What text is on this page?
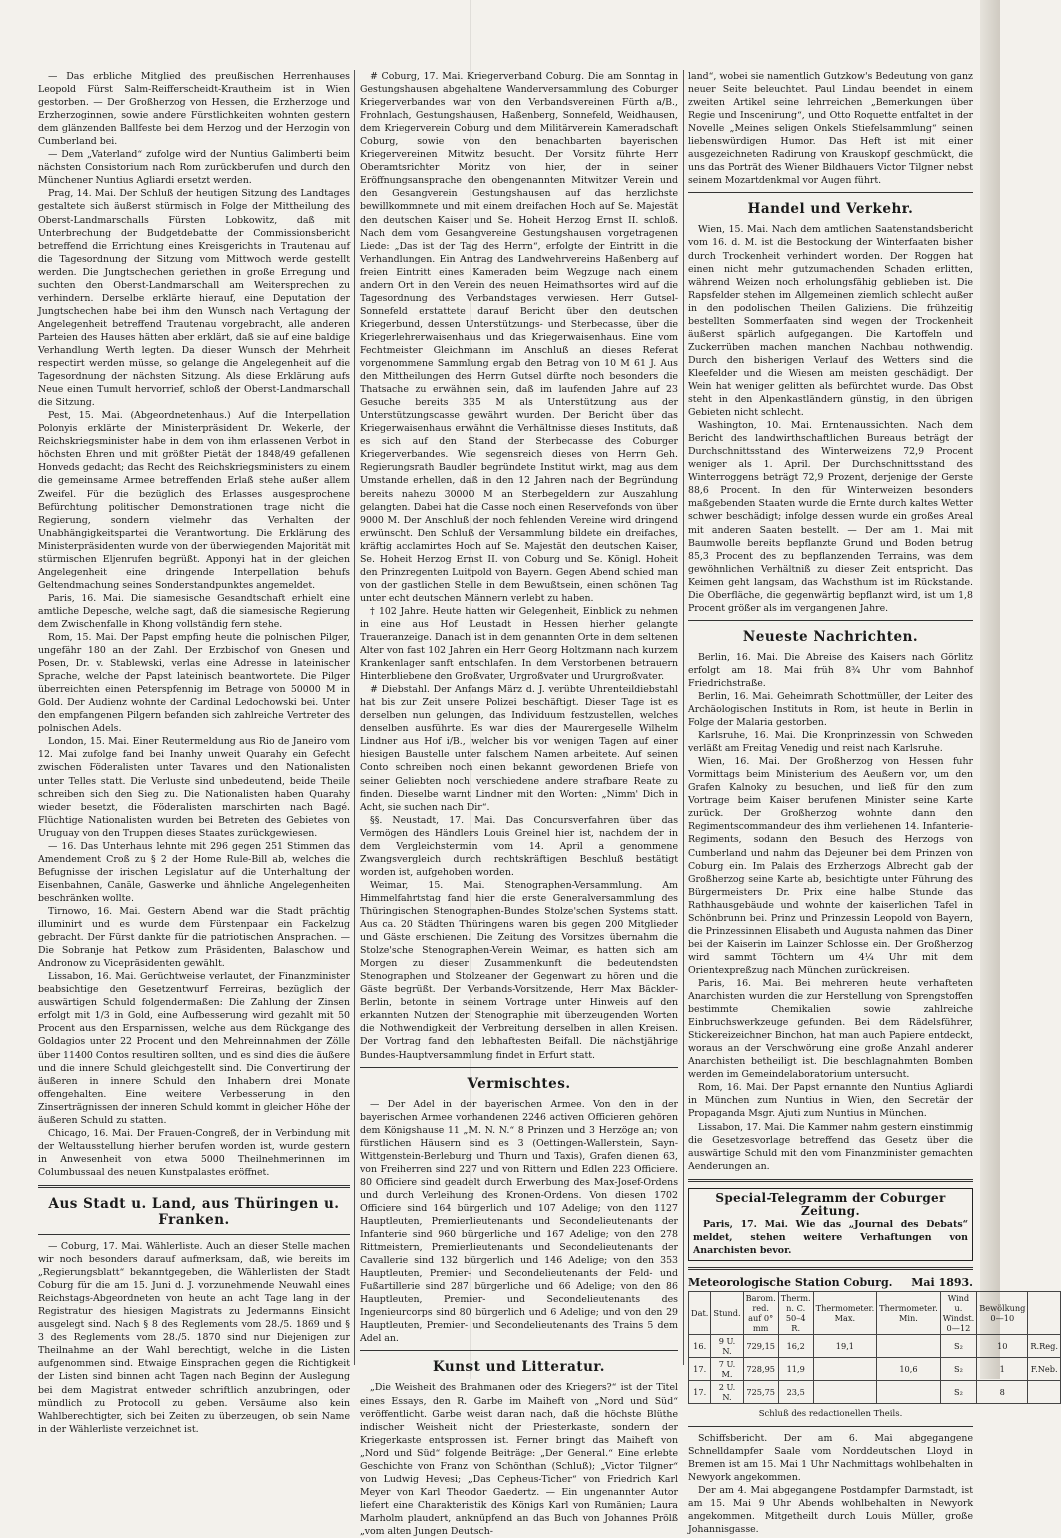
— Das erbliche Mitglied des preußischen Herrenhauses Leopold Fürst Salm-Reifferscheidt-Krautheim ist in Wien gestorben. — Der Großherzog von Hessen, die Erzherzoge und Erzherzoginnen, sowie andere Fürstlichkeiten wohnten gestern dem glänzenden Ballfeste bei dem Herzog und der Herzogin von Cumberland bei.

— Dem „Vaterland“ zufolge wird der Nuntius Galimberti beim nächsten Consistorium nach Rom zurückberufen und durch den Münchener Nuntius Agliardi ersetzt werden.

Prag, 14. Mai. Der Schluß der heutigen Sitzung des Landtages gestaltete sich äußerst stürmisch in Folge der Mittheilung des Oberst-Landmarschalls Fürsten Lobkowitz, daß mit Unterbrechung der Budgetdebatte der Commissionsbericht betreffend die Errichtung eines Kreisgerichts in Trautenau auf die Tagesordnung der Sitzung vom Mittwoch werde gestellt werden. Die Jungtschechen geriethen in große Erregung und suchten den Oberst-Landmarschall am Weitersprechen zu verhindern. Derselbe erklärte hierauf, eine Deputation der Jungtschechen habe bei ihm den Wunsch nach Vertagung der Angelegenheit betreffend Trautenau vorgebracht, alle anderen Parteien des Hauses hätten aber erklärt, daß sie auf eine baldige Verhandlung Werth legten. Da dieser Wunsch der Mehrheit respectirt werden müsse, so gelange die Angelegenheit auf die Tagesordnung der nächsten Sitzung. Als diese Erklärung aufs Neue einen Tumult hervorrief, schloß der Oberst-Landmarschall die Sitzung.

Pest, 15. Mai. (Abgeordnetenhaus.) Auf die Interpellation Polonyis erklärte der Ministerpräsident Dr. Wekerle, der Reichskriegsminister habe in dem von ihm erlassenen Verbot in höchsten Ehren und mit größter Pietät der 1848/49 gefallenen Honveds gedacht; das Recht des Reichskriegsministers zu einem die gemeinsame Armee betreffenden Erlaß stehe außer allem Zweifel. Für die bezüglich des Erlasses ausgesprochene Befürchtung politischer Demonstrationen trage nicht die Regierung, sondern vielmehr das Verhalten der Unabhängigkeitspartei die Verantwortung. Die Erklärung des Ministerpräsidenten wurde von der überwiegenden Majorität mit stürmischen Eljenrufen begrüßt. Apponyi hat in der gleichen Angelegenheit eine dringende Interpellation behufs Geltendmachung seines Sonderstandpunktes angemeldet.

Paris, 16. Mai. Die siamesische Gesandtschaft erhielt eine amtliche Depesche, welche sagt, daß die siamesische Regierung dem Zwischenfalle in Khong vollständig fern stehe.

Rom, 15. Mai. Der Papst empfing heute die polnischen Pilger, ungefähr 180 an der Zahl. Der Erzbischof von Gnesen und Posen, Dr. v. Stablewski, verlas eine Adresse in lateinischer Sprache, welche der Papst lateinisch beantwortete. Die Pilger überreichten einen Peterspfennig im Betrage von 50000 M in Gold. Der Audienz wohnte der Cardinal Ledochowski bei. Unter den empfangenen Pilgern befanden sich zahlreiche Vertreter des polnischen Adels.

London, 15. Mai. Einer Reutermeldung aus Rio de Janeiro vom 12. Mai zufolge fand bei Inanhy unweit Quarahy ein Gefecht zwischen Föderalisten unter Tavares und den Nationalisten unter Telles statt. Die Verluste sind unbedeutend, beide Theile schreiben sich den Sieg zu. Die Nationalisten haben Quarahy wieder besetzt, die Föderalisten marschirten nach Bagé. Flüchtige Nationalisten wurden bei Betreten des Gebietes von Uruguay von den Truppen dieses Staates zurückgewiesen.

— 16. Das Unterhaus lehnte mit 296 gegen 251 Stimmen das Amendement Croß zu § 2 der Home Rule-Bill ab, welches die Befugnisse der irischen Legislatur auf die Unterhaltung der Eisenbahnen, Canäle, Gaswerke und ähnliche Angelegenheiten beschränken wollte.

Tirnowo, 16. Mai. Gestern Abend war die Stadt prächtig illuminirt und es wurde dem Fürstenpaar ein Fackelzug gebracht. Der Fürst dankte für die patriotischen Ansprachen. — Die Sobranje hat Petkow zum Präsidenten, Balaschow und Andronow zu Vicepräsidenten gewählt.

Lissabon, 16. Mai. Gerüchtweise verlautet, der Finanzminister beabsichtige den Gesetzentwurf Ferreiras, bezüglich der auswärtigen Schuld folgendermaßen: Die Zahlung der Zinsen erfolgt mit 1/3 in Gold, eine Aufbesserung wird gezahlt mit 50 Procent aus den Ersparnissen, welche aus dem Rückgange des Goldagios unter 22 Procent und den Mehreinnahmen der Zölle über 11400 Contos resultiren sollten, und es sind dies die äußere und die innere Schuld gleichgestellt sind. Die Convertirung der äußeren in innere Schuld den Inhabern drei Monate offengehalten. Eine weitere Verbesserung in den Zinserträgnissen der inneren Schuld kommt in gleicher Höhe der äußeren Schuld zu statten.

Chicago, 16. Mai. Der Frauen-Congreß, der in Verbindung mit der Weltausstellung hierher berufen worden ist, wurde gestern in Anwesenheit von etwa 5000 Theilnehmerinnen im Columbussaal des neuen Kunstpalastes eröffnet.

Aus Stadt u. Land, aus Thüringen u. Franken.

— Coburg, 17. Mai. Wählerliste. Auch an dieser Stelle machen wir noch besonders darauf aufmerksam, daß, wie bereits im „Regierungsblatt“ bekanntgegeben, die Wählerlisten der Stadt Coburg für die am 15. Juni d. J. vorzunehmende Neuwahl eines Reichstags-Abgeordneten von heute an acht Tage lang in der Registratur des hiesigen Magistrats zu Jedermanns Einsicht ausgelegt sind. Nach § 8 des Reglements vom 28./5. 1869 und § 3 des Reglements vom 28./5. 1870 sind nur Diejenigen zur Theilnahme an der Wahl berechtigt, welche in die Listen aufgenommen sind. Etwaige Einsprachen gegen die Richtigkeit der Listen sind binnen acht Tagen nach Beginn der Auslegung bei dem Magistrat entweder schriftlich anzubringen, oder mündlich zu Protocoll zu geben. Versäume also kein Wahlberechtigter, sich bei Zeiten zu überzeugen, ob sein Name in der Wählerliste verzeichnet ist.

# Coburg, 17. Mai. Kriegerverband Coburg. Die am Sonntag in Gestungshausen abgehaltene Wanderversammlung des Coburger Kriegerverbandes war von den Verbandsvereinen Fürth a/B., Frohnlach, Gestungshausen, Haßenberg, Sonnefeld, Weidhausen, dem Kriegerverein Coburg und dem Militärverein Kameradschaft Coburg, sowie von den benachbarten bayerischen Kriegervereinen Mitwitz besucht. Der Vorsitz führte Herr Oberamtsrichter Moritz von hier, der in seiner Eröffnungsansprache den obengenannten Mitwitzer Verein und den Gesangverein Gestungshausen auf das herzlichste bewillkommnete und mit einem dreifachen Hoch auf Se. Majestät den deutschen Kaiser und Se. Hoheit Herzog Ernst II. schloß. Nach dem vom Gesangvereine Gestungshausen vorgetragenen Liede: „Das ist der Tag des Herrn“, erfolgte der Eintritt in die Verhandlungen. Ein Antrag des Landwehrvereins Haßenberg auf freien Eintritt eines Kameraden beim Wegzuge nach einem andern Ort in den Verein des neuen Heimathsortes wird auf die Tagesordnung des Verbandstages verwiesen. Herr Gutsel-Sonnefeld erstattete darauf Bericht über den deutschen Kriegerbund, dessen Unterstützungs- und Sterbecasse, über die Kriegerlehrerwaisenhaus und das Kriegerwaisenhaus. Eine vom Fechtmeister Gleichmann im Anschluß an dieses Referat vorgenommene Sammlung ergab den Betrag von 10 M 61 J. Aus den Mittheilungen des Herrn Gutsel dürfte noch besonders die Thatsache zu erwähnen sein, daß im laufenden Jahre auf 23 Gesuche bereits 335 M als Unterstützung aus der Unterstützungscasse gewährt wurden. Der Bericht über das Kriegerwaisenhaus erwähnt die Verhältnisse dieses Instituts, daß es sich auf den Stand der Sterbecasse des Coburger Kriegerverbandes. Wie segensreich dieses von Herrn Geh. Regierungsrath Baudler begründete Institut wirkt, mag aus dem Umstande erhellen, daß in den 12 Jahren nach der Begründung bereits nahezu 30000 M an Sterbegeldern zur Auszahlung gelangten. Dabei hat die Casse noch einen Reservefonds von über 9000 M. Der Anschluß der noch fehlenden Vereine wird dringend erwünscht. Den Schluß der Versammlung bildete ein dreifaches, kräftig acclamirtes Hoch auf Se. Majestät den deutschen Kaiser, Se. Hoheit Herzog Ernst II. von Coburg und Se. Königl. Hoheit den Prinzregenten Luitpold von Bayern. Gegen Abend schied man von der gastlichen Stelle in dem Bewußtsein, einen schönen Tag unter echt deutschen Männern verlebt zu haben.

† 102 Jahre. Heute hatten wir Gelegenheit, Einblick zu nehmen in eine aus Hof Leustadt in Hessen hierher gelangte Traueranzeige. Danach ist in dem genannten Orte in dem seltenen Alter von fast 102 Jahren ein Herr Georg Holtzmann nach kurzem Krankenlager sanft entschlafen. In dem Verstorbenen betrauern Hinterbliebene den Großvater, Urgroßvater und Ururgroßvater.

# Diebstahl. Der Anfangs März d. J. verübte Uhrenteildiebstahl hat bis zur Zeit unsere Polizei beschäftigt. Dieser Tage ist es derselben nun gelungen, das Individuum festzustellen, welches denselben ausführte. Es war dies der Maurergeselle Wilhelm Lindner aus Hof i/B., welcher bis vor wenigen Tagen auf einer hiesigen Baustelle unter falschem Namen arbeitete. Auf seinen Conto schreiben noch einen bekannt gewordenen Briefe von seiner Geliebten noch verschiedene andere strafbare Reate zu finden. Dieselbe warnt Lindner mit den Worten: „Nimm' Dich in Acht, sie suchen nach Dir“.

§§. Neustadt, 17. Mai. Das Concursverfahren über das Vermögen des Händlers Louis Greinel hier ist, nachdem der in dem Vergleichstermin vom 14. April a genommene Zwangsvergleich durch rechtskräftigen Beschluß bestätigt worden ist, aufgehoben worden.

Weimar, 15. Mai. Stenographen-Versammlung. Am Himmelfahrtstag fand hier die erste Generalversammlung des Thüringischen Stenographen-Bundes Stolze'schen Systems statt. Aus ca. 20 Städten Thüringens waren bis gegen 200 Mitglieder und Gäste erschienen. Die Zeitung des Vorsitzes übernahm die Stolze'sche Stenographen-Verein Weimar, es hatten sich am Morgen zu dieser Zusammenkunft die bedeutendsten Stenographen und Stolzeaner der Gegenwart zu hören und die Gäste begrüßt. Der Verbands-Vorsitzende, Herr Max Bäckler-Berlin, betonte in seinem Vortrage unter Hinweis auf den erkannten Nutzen der Stenographie mit überzeugenden Worten die Nothwendigkeit der Verbreitung derselben in allen Kreisen. Der Vortrag fand den lebhaftesten Beifall. Die nächstjährige Bundes-Hauptversammlung findet in Erfurt statt.

Vermischtes.

— Der Adel in der bayerischen Armee. Von den in der bayerischen Armee vorhandenen 2246 activen Officieren gehören dem Königshause 11 „M. N. N.“ 8 Prinzen und 3 Herzöge an; von fürstlichen Häusern sind es 3 (Oettingen-Wallerstein, Sayn-Wittgenstein-Berleburg und Thurn und Taxis), Grafen dienen 63, von Freiherren sind 227 und von Rittern und Edlen 223 Officiere. 80 Officiere sind geadelt durch Erwerbung des Max-Josef-Ordens und durch Verleihung des Kronen-Ordens. Von diesen 1702 Officiere sind 164 bürgerlich und 107 Adelige; von den 1127 Hauptleuten, Premierlieutenants und Secondelieutenants der Infanterie sind 960 bürgerliche und 167 Adelige; von den 278 Rittmeistern, Premierlieutenants und Secondelieutenants der Cavallerie sind 132 bürgerlich und 146 Adelige; von den 353 Hauptleuten, Premier- und Secondelieutenants der Feld- und Fußartillerie sind 287 bürgerliche und 66 Adelige; von den 86 Hauptleuten, Premier- und Secondelieutenants des Ingenieurcorps sind 80 bürgerlich und 6 Adelige; und von den 29 Hauptleuten, Premier- und Secondelieutenants des Trains 5 dem Adel an.

Kunst und Litteratur.

„Die Weisheit des Brahmanen oder des Kriegers?“ ist der Titel eines Essays, den R. Garbe im Maiheft von „Nord und Süd“ veröffentlicht. Garbe weist daran nach, daß die höchste Blüthe indischer Weisheit nicht der Priesterkaste, sondern der Kriegerkaste entsprossen ist. Ferner bringt das Maiheft von „Nord und Süd“ folgende Beiträge: „Der General.“ Eine erlebte Geschichte von Franz von Schönthan (Schluß); „Victor Tilgner“ von Ludwig Hevesi; „Das Cepheus-Ticher“ von Friedrich Karl Meyer von Karl Theodor Gaedertz. — Ein ungenannter Autor liefert eine Charakteristik des Königs Karl von Rumänien; Laura Marholm plaudert, anknüpfend an das Buch von Johannes Prölß „vom alten Jungen Deutsch-

land“, wobei sie namentlich Gutzkow's Bedeutung von ganz neuer Seite beleuchtet. Paul Lindau beendet in einem zweiten Artikel seine lehrreichen „Bemerkungen über Regie und Inscenirung“, und Otto Roquette entfaltet in der Novelle „Meines seligen Onkels Stiefelsammlung“ seinen liebenswürdigen Humor. Das Heft ist mit einer ausgezeichneten Radirung von Krauskopf geschmückt, die uns das Porträt des Wiener Bildhauers Victor Tilgner nebst seinem Mozartdenkmal vor Augen führt.

Handel und Verkehr.

Wien, 15. Mai. Nach dem amtlichen Saatenstandsbericht vom 16. d. M. ist die Bestockung der Winterfaaten bisher durch Trockenheit verhindert worden. Der Roggen hat einen nicht mehr gutzumachenden Schaden erlitten, während Weizen noch erholungsfähig geblieben ist. Die Rapsfelder stehen im Allgemeinen ziemlich schlecht außer in den podolischen Theilen Galiziens. Die frühzeitig bestellten Sommerfaaten sind wegen der Trockenheit äußerst spärlich aufgegangen. Die Kartoffeln und Zuckerrüben machen manchen Nachbau nothwendig. Durch den bisherigen Verlauf des Wetters sind die Kleefelder und die Wiesen am meisten geschädigt. Der Wein hat weniger gelitten als befürchtet wurde. Das Obst steht in den Alpenkastländern günstig, in den übrigen Gebieten nicht schlecht.

Washington, 10. Mai. Erntenaussichten. Nach dem Bericht des landwirthschaftlichen Bureaus beträgt der Durchschnittsstand des Winterweizens 72,9 Procent weniger als 1. April. Der Durchschnittsstand des Winterroggens beträgt 72,9 Prozent, derjenige der Gerste 88,6 Procent. In den für Winterweizen besonders maßgebenden Staaten wurde die Ernte durch kaltes Wetter schwer beschädigt; infolge dessen wurde ein großes Areal mit anderen Saaten bestellt. — Der am 1. Mai mit Baumwolle bereits bepflanzte Grund und Boden betrug 85,3 Procent des zu bepflanzenden Terrains, was dem gewöhnlichen Verhältniß zu dieser Zeit entspricht. Das Keimen geht langsam, das Wachsthum ist im Rückstande. Die Oberfläche, die gegenwärtig bepflanzt wird, ist um 1,8 Procent größer als im vergangenen Jahre.

Neueste Nachrichten.

Berlin, 16. Mai. Die Abreise des Kaisers nach Görlitz erfolgt am 18. Mai früh 8¾ Uhr vom Bahnhof Friedrichstraße.

Berlin, 16. Mai. Geheimrath Schottmüller, der Leiter des Archäologischen Instituts in Rom, ist heute in Berlin in Folge der Malaria gestorben.

Karlsruhe, 16. Mai. Die Kronprinzessin von Schweden verläßt am Freitag Venedig und reist nach Karlsruhe.

Wien, 16. Mai. Der Großherzog von Hessen fuhr Vormittags beim Ministerium des Aeußern vor, um den Grafen Kalnoky zu besuchen, und ließ für den zum Vortrage beim Kaiser berufenen Minister seine Karte zurück. Der Großherzog wohnte dann den Regimentscommandeur des ihm verliehenen 14. Infanterie-Regiments, sodann den Besuch des Herzogs von Cumberland und nahm das Dejeuner bei dem Prinzen von Coburg ein. Im Palais des Erzherzogs Albrecht gab der Großherzog seine Karte ab, besichtigte unter Führung des Bürgermeisters Dr. Prix eine halbe Stunde das Rathhausgebäude und wohnte der kaiserlichen Tafel in Schönbrunn bei. Prinz und Prinzessin Leopold von Bayern, die Prinzessinnen Elisabeth und Augusta nahmen das Diner bei der Kaiserin im Lainzer Schlosse ein. Der Großherzog wird sammt Töchtern um 4¼ Uhr mit dem Orientexpreßzug nach München zurückreisen.

Paris, 16. Mai. Bei mehreren heute verhafteten Anarchisten wurden die zur Herstellung von Sprengstoffen bestimmte Chemikalien sowie zahlreiche Einbruchswerkzeuge gefunden. Bei dem Rädelsführer, Stickereizeichner Binchon, hat man auch Papiere entdeckt, woraus an der Verschwörung eine große Anzahl anderer Anarchisten betheiligt ist. Die beschlagnahmten Bomben werden im Gemeindelaboratorium untersucht.

Rom, 16. Mai. Der Papst ernannte den Nuntius Agliardi in München zum Nuntius in Wien, den Secretär der Propaganda Msgr. Ajuti zum Nuntius in München.

Lissabon, 17. Mai. Die Kammer nahm gestern einstimmig die Gesetzesvorlage betreffend das Gesetz über die auswärtige Schuld mit den vom Finanzminister gemachten Aenderungen an.

Special-Telegramm der Coburger Zeitung.

Paris, 17. Mai. Wie das „Journal des Debats“ meldet, stehen weitere Verhaftungen von Anarchisten bevor.

Meteorologische Station Coburg. Mai 1893.
Dat.	Stund.	Barom. red. auf 0° mm	Therm. n. C. 50–4 R.	Thermometer. Max.	Thermometer. Min.	Wind u. Windst. 0—12	Bewölkung 0—10	
16.	9 U. N.	729,15	16,2	19,1		S₂	10	R.Reg.
17.	7 U. M.	728,95	11,9		10,6	S₂	1	F.Neb.
17.	2 U. N.	725,75	23,5			S₂	8	
Schluß des redactionellen Theils.

Schiffsbericht. Der am 6. Mai abgegangene Schnelldampfer Saale vom Norddeutschen Lloyd in Bremen ist am 15. Mai 1 Uhr Nachmittags wohlbehalten in Newyork angekommen.

Der am 4. Mai abgegangene Postdampfer Darmstadt, ist am 15. Mai 9 Uhr Abends wohlbehalten in Newyork angekommen. Mitgetheilt durch Louis Müller, große Johannisgasse.
